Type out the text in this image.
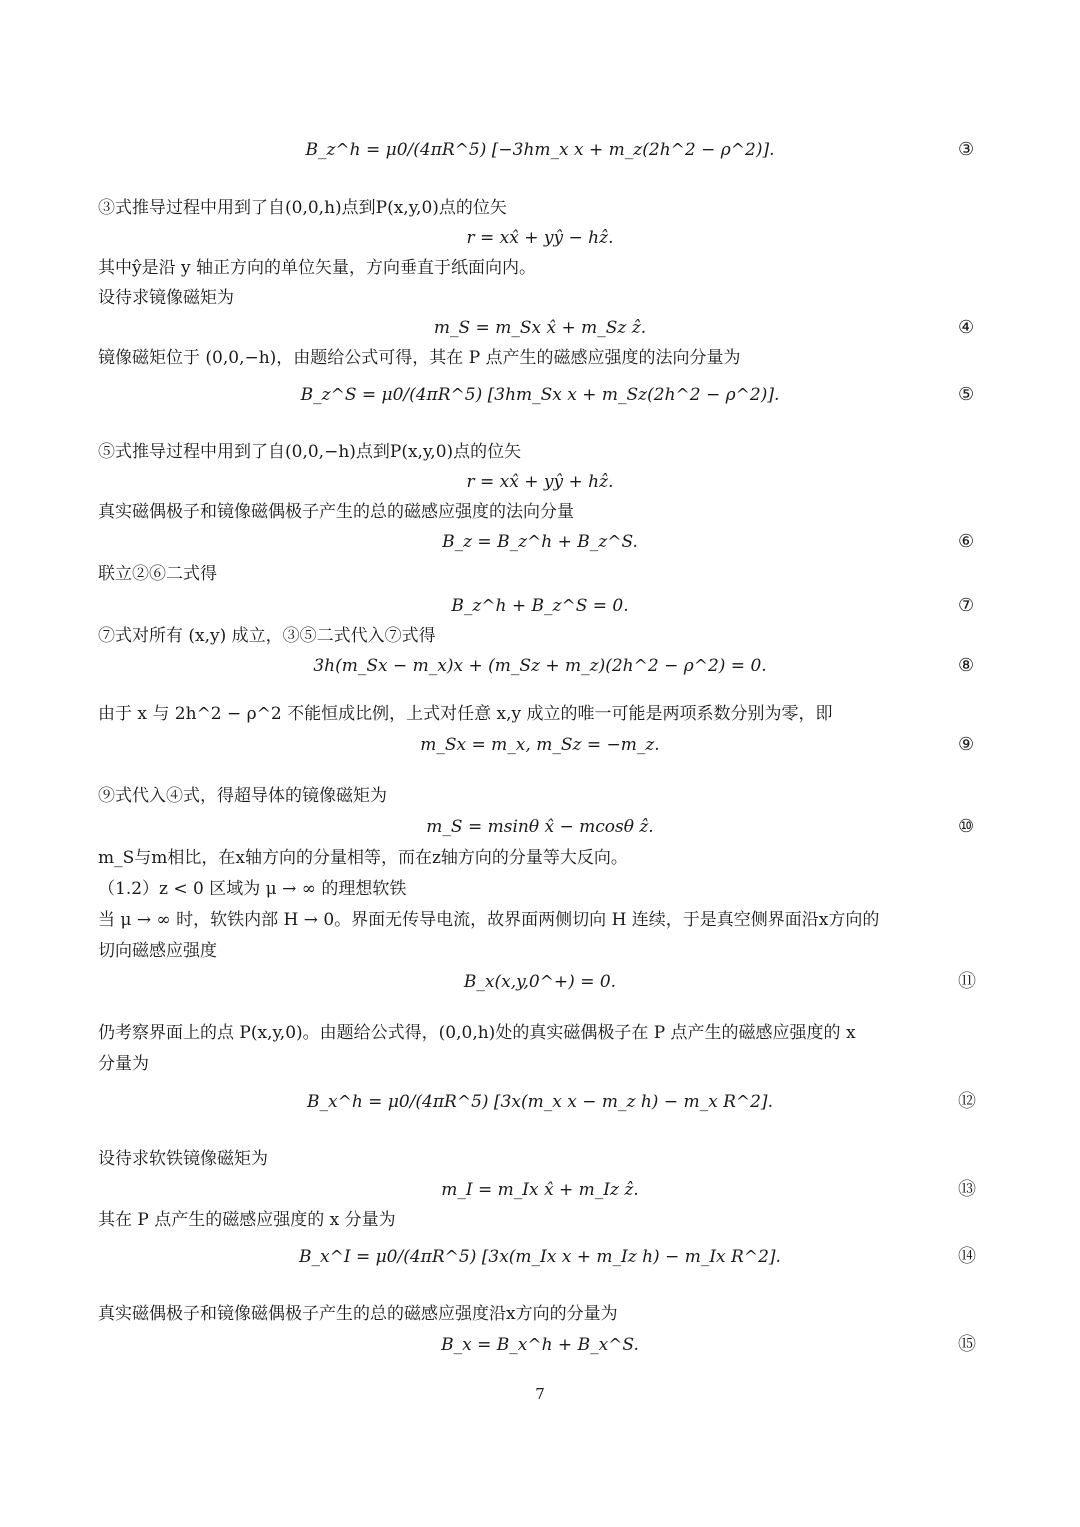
B_z^h = μ0/(4πR^5) [−3hm_x x + m_z(2h^2 − ρ^2)].	③
③式推导过程中用到了自(0,0,h)点到P(x,y,0)点的位矢
r = xx̂ + yŷ − hẑ.
其中ŷ是沿 y 轴正方向的单位矢量，方向垂直于纸面向内。
设待求镜像磁矩为
m_S = m_Sx x̂ + m_Sz ẑ.	④
镜像磁矩位于 (0,0,−h)，由题给公式可得，其在 P 点产生的磁感应强度的法向分量为
B_z^S = μ0/(4πR^5) [3hm_Sx x + m_Sz(2h^2 − ρ^2)].	⑤
⑤式推导过程中用到了自(0,0,−h)点到P(x,y,0)点的位矢
r = xx̂ + yŷ + hẑ.
真实磁偶极子和镜像磁偶极子产生的总的磁感应强度的法向分量
B_z = B_z^h + B_z^S.	⑥
联立②⑥二式得
B_z^h + B_z^S = 0.	⑦
⑦式对所有 (x,y) 成立，③⑤二式代入⑦式得
3h(m_Sx − m_x)x + (m_Sz + m_z)(2h^2 − ρ^2) = 0.	⑧
由于 x 与 2h^2 − ρ^2 不能恒成比例，上式对任意 x,y 成立的唯一可能是两项系数分别为零，即
m_Sx = m_x, m_Sz = −m_z.	⑨
⑨式代入④式，得超导体的镜像磁矩为
m_S = msinθ x̂ − mcosθ ẑ.	⑩
m_S与m相比，在x轴方向的分量相等，而在z轴方向的分量等大反向。
（1.2）z < 0 区域为 μ → ∞ 的理想软铁
当 μ → ∞ 时，软铁内部 H → 0。界面无传导电流，故界面两侧切向 H 连续，于是真空侧界面沿x方向的
切向磁感应强度
B_x(x,y,0^+) = 0.	⑪
仍考察界面上的点 P(x,y,0)。由题给公式得，(0,0,h)处的真实磁偶极子在 P 点产生的磁感应强度的 x
分量为
B_x^h = μ0/(4πR^5) [3x(m_x x − m_z h) − m_x R^2].	⑫
设待求软铁镜像磁矩为
m_I = m_Ix x̂ + m_Iz ẑ.	⑬
其在 P 点产生的磁感应强度的 x 分量为
B_x^I = μ0/(4πR^5) [3x(m_Ix x + m_Iz h) − m_Ix R^2].	⑭
真实磁偶极子和镜像磁偶极子产生的总的磁感应强度沿x方向的分量为
B_x = B_x^h + B_x^S.	⑮
7
